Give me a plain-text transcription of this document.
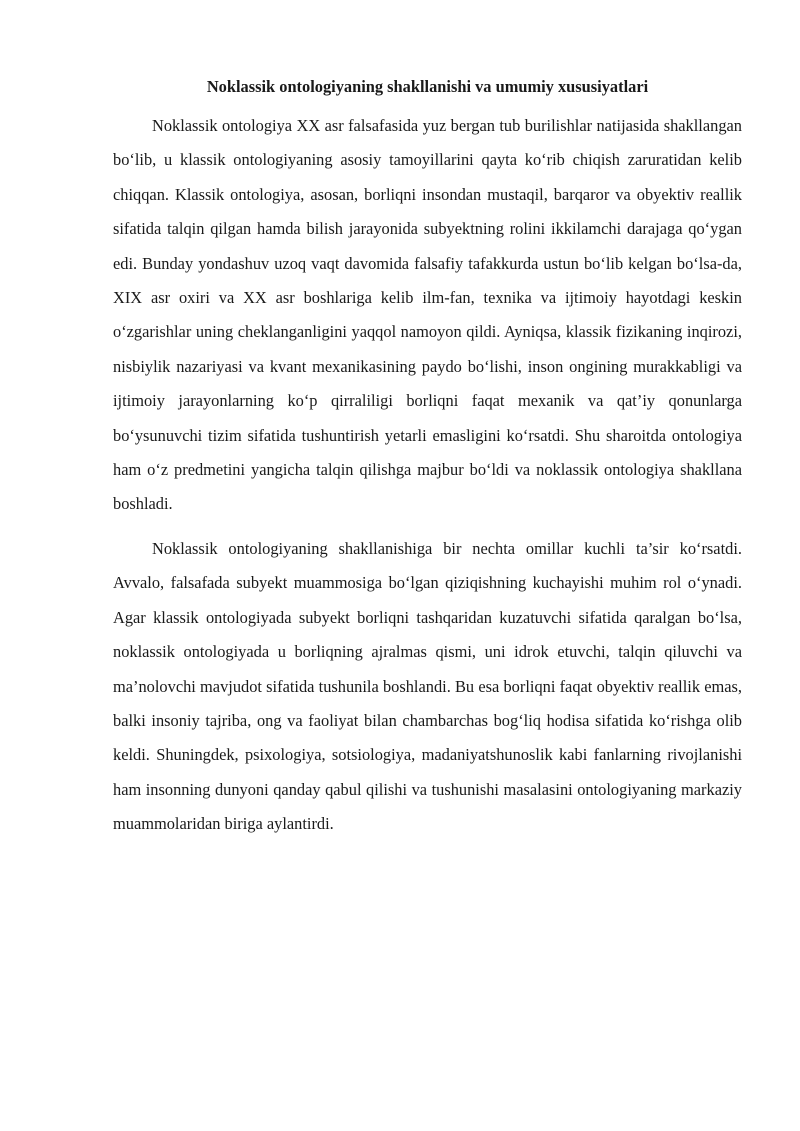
Noklassik ontologiyaning shakllanishi va umumiy xususiyatlari

Noklassik ontologiya XX asr falsafasida yuz bergan tub burilishlar natijasida shakllangan bo‘lib, u klassik ontologiyaning asosiy tamoyillarini qayta ko‘rib chiqish zaruratidan kelib chiqqan. Klassik ontologiya, asosan, borliqni insondan mustaqil, barqaror va obyektiv reallik sifatida talqin qilgan hamda bilish jarayonida subyektning rolini ikkilamchi darajaga qo‘ygan edi. Bunday yondashuv uzoq vaqt davomida falsafiy tafakkurda ustun bo‘lib kelgan bo‘lsa-da, XIX asr oxiri va XX asr boshlariga kelib ilm-fan, texnika va ijtimoiy hayotdagi keskin o‘zgarishlar uning cheklanganligini yaqqol namoyon qildi. Ayniqsa, klassik fizikaning inqirozi, nisbiylik nazariyasi va kvant mexanikasining paydo bo‘lishi, inson ongining murakkabligi va ijtimoiy jarayonlarning ko‘p qirraliligi borliqni faqat mexanik va qat’iy qonunlarga bo‘ysunuvchi tizim sifatida tushuntirish yetarli emasligini ko‘rsatdi. Shu sharoitda ontologiya ham o‘z predmetini yangicha talqin qilishga majbur bo‘ldi va noklassik ontologiya shakllana boshladi.

Noklassik ontologiyaning shakllanishiga bir nechta omillar kuchli ta’sir ko‘rsatdi. Avvalo, falsafada subyekt muammosiga bo‘lgan qiziqishning kuchayishi muhim rol o‘ynadi. Agar klassik ontologiyada subyekt borliqni tashqaridan kuzatuvchi sifatida qaralgan bo‘lsa, noklassik ontologiyada u borliqning ajralmas qismi, uni idrok etuvchi, talqin qiluvchi va ma’nolovchi mavjudot sifatida tushunila boshlandi. Bu esa borliqni faqat obyektiv reallik emas, balki insoniy tajriba, ong va faoliyat bilan chambarchas bog‘liq hodisa sifatida ko‘rishga olib keldi. Shuningdek, psixologiya, sotsiologiya, madaniyatshunoslik kabi fanlarning rivojlanishi ham insonning dunyoni qanday qabul qilishi va tushunishi masalasini ontologiyaning markaziy muammolaridan biriga aylantirdi.
